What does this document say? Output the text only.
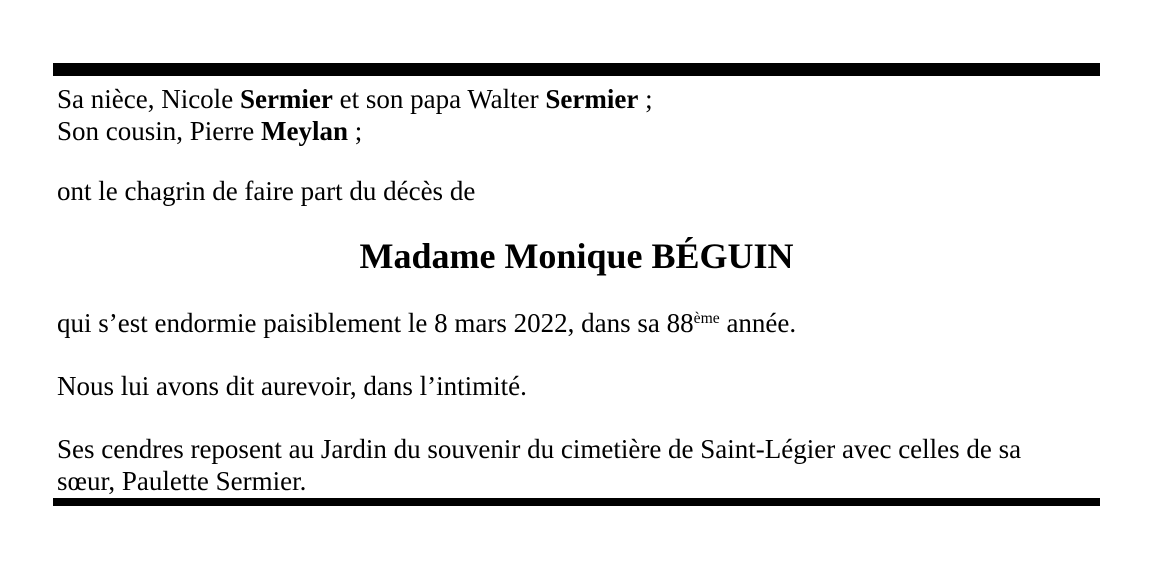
Sa nièce, Nicole Sermier et son papa Walter Sermier ;
Son cousin, Pierre Meylan ;
ont le chagrin de faire part du décès de
Madame Monique BÉGUIN
qui s’est endormie paisiblement le 8 mars 2022, dans sa 88ème année.
Nous lui avons dit aurevoir, dans l’intimité.
Ses cendres reposent au Jardin du souvenir du cimetière de Saint-Légier avec celles de sa
sœur, Paulette Sermier.
